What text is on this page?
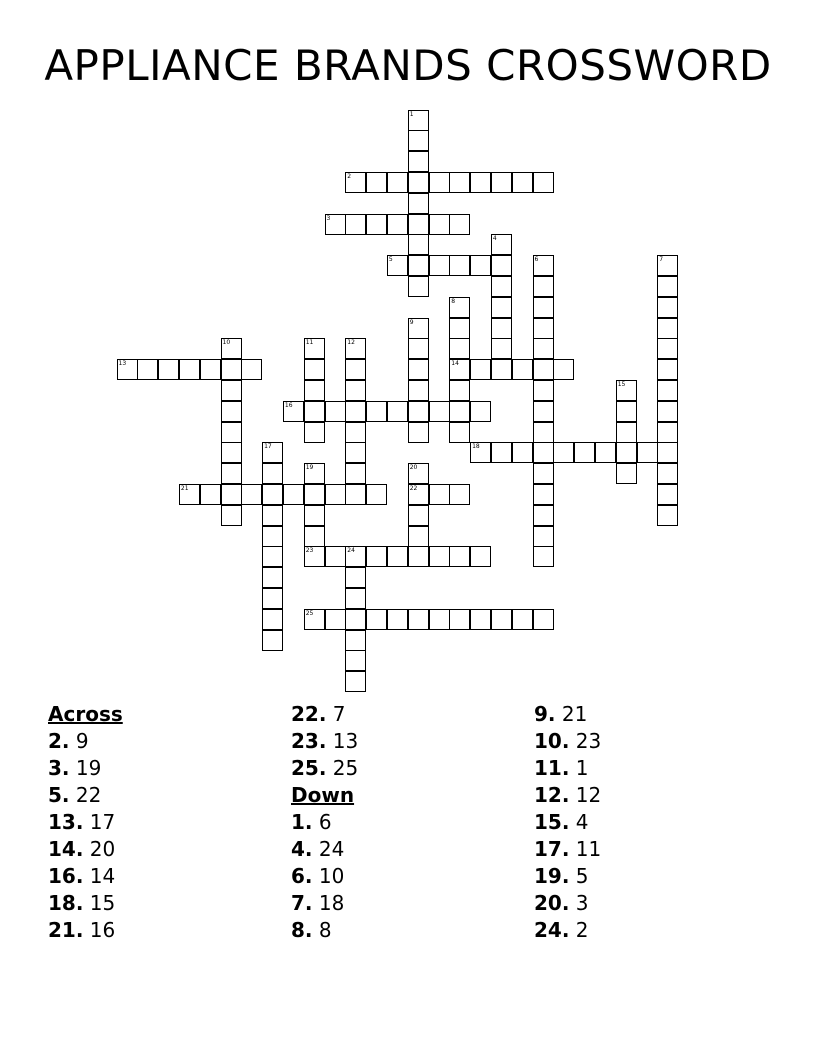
APPLIANCE BRANDS CROSSWORD
2
3
5
13	14
16
18
21	22
23
25
1
4
6	7
8
9
10	11	12
15
17
19	20
24
Across
2. 9
3. 19
5. 22
13. 17
14. 20
16. 14
18. 15
21. 16
22. 7
23. 13
25. 25
Down
1. 6
4. 24
6. 10
7. 18
8. 8
9. 21
10. 23
11. 1
12. 12
15. 4
17. 11
19. 5
20. 3
24. 2
